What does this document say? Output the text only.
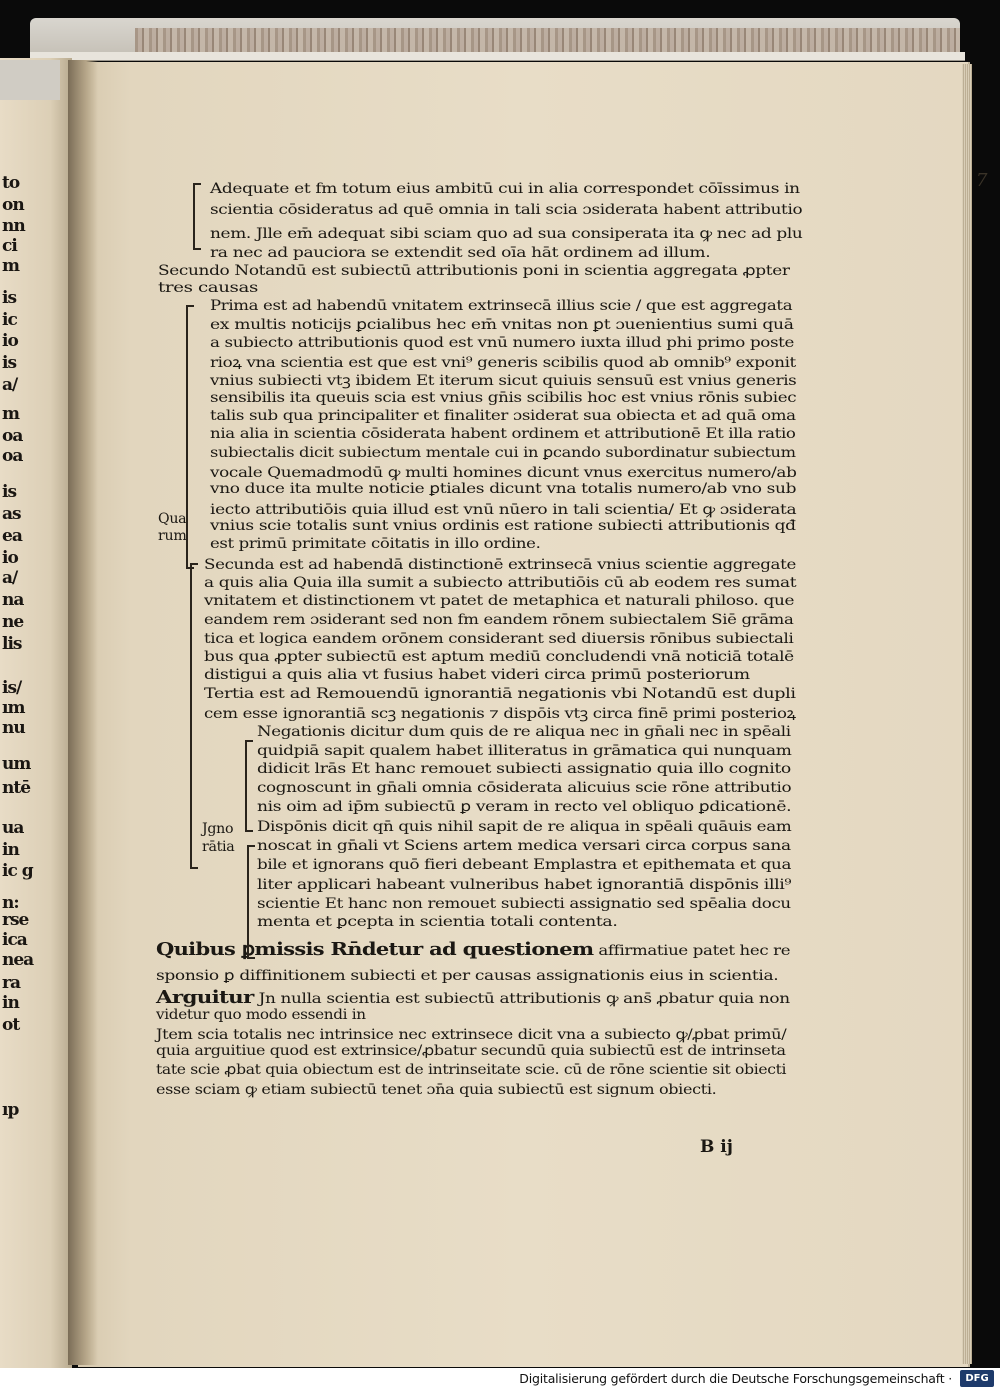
to
on
nn
ci
m
is
ic
io
is
a/
m
oa
oa
is
as
ea
io
a/
na
ne
lis
is/
ım
nu
um
ntē
ua
in
ic g
n:
rse
ica
nea
ra
in
ot
ıp
7
Adequate et fm totum eius ambitū cui in alia correspondet cōīssimus in
scientia cōsideratus ad quē omnia in tali scia ɔsiderata habent attributio
nem. Jlle em̄ adequat sibi sciam quo ad sua consiperata ita ꝙ nec ad plu
ra nec ad pauciora se extendit sed oīa hāt ordinem ad illum.
Secundo Notandū est subiectū attributionis poni in scientia aggregata ꝓpter
tres causas
Prima est ad habendū vnitatem extrinsecā illius scie / que est aggregata
ex multis noticijs ꝑcialibus hec em̄ vnitas non ꝑt ɔuenientius sumi quā
a subiecto attributionis quod est vnū numero iuxta illud phi primo poste
rioꝝ vna scientia est que est vni⁹ generis scibilis quod ab omnib⁹ exponit
vnius subiecti vtꝫ ibidem Et iterum sicut quiuis sensuū est vnius generis
sensibilis ita queuis scia est vnius gn̄is scibilis hoc est vnius rōnis subiec
talis sub qua principaliter et finaliter ɔsiderat sua obiecta et ad quā oma
nia alia in scientia cōsiderata habent ordinem et attributionē Et illa ratio
subiectalis dicit subiectum mentale cui in ꝑcando subordinatur subiectum
vocale Quemadmodū ꝙ multi homines dicunt vnus exercitus numero/ab
vno duce ita multe noticie ꝑtiales dicunt vna totalis numero/ab vno sub
iecto attributiōis quia illud est vnū nūero in tali scientia/ Et ꝙ ɔsiderata
vnius scie totalis sunt vnius ordinis est ratione subiecti attributionis qđ
est primū primitate cōitatis in illo ordine.
Secunda est ad habendā distinctionē extrinsecā vnius scientie aggregate
a quis alia Quia illa sumit a subiecto attributiōis cū ab eodem res sumat
vnitatem et distinctionem vt patet de metaphica et naturali philoso. que
eandem rem ɔsiderant sed non fm eandem rōnem subiectalem Siē grāma
tica et logica eandem orōnem considerant sed diuersis rōnibus subiectali
bus qua ꝓpter subiectū est aptum mediū concludendi vnā noticiā totalē
distigui a quis alia vt fusius habet videri circa primū posteriorum
Tertia est ad Remouendū ignorantiā negationis vbi Notandū est dupli
cem esse ignorantiā scꝫ negationis ⁊ dispōis vtꝫ circa finē primi posterioꝝ
Negationis dicitur dum quis de re aliqua nec in gn̄ali nec in spēali
quidpiā sapit qualem habet illiteratus in grāmatica qui nunquam
didicit lrās Et hanc remouet subiecti assignatio quia illo cognito
cognoscunt in gn̄ali omnia cōsiderata alicuius scie rōne attributio
nis oim ad ip̄m subiectū ꝑ veram in recto vel obliquo ꝑdicationē.
Dispōnis dicit qn̄ quis nihil sapit de re aliqua in spēali quāuis eam
noscat in gn̄ali vt Sciens artem medica versari circa corpus sana
bile et ignorans quō fieri debeant Emplastra et epithemata et qua
liter applicari habeant vulneribus habet ignorantiā dispōnis illi⁹
scientie Et hanc non remouet subiecti assignatio sed spēalia docu
menta et ꝑcepta in scientia totali contenta.
Quibus ꝑmissis Rn̄detur ad questionem affirmatiue patet hec re
sponsio ꝑ diffinitionem subiecti et per causas assignationis eius in scientia.
Arguitur Jn nulla scientia est subiectū attributionis ꝙ ans̄ ꝓbatur quia non
videtur quo modo essendi in
Jtem scia totalis nec intrinsice nec extrinsece dicit vna a subiecto ꝙ/ꝓbat primū/
quia arguitiue quod est extrinsice/ꝓbatur secundū quia subiectū est de intrinseta
tate scie ꝓbat quia obiectum est de intrinseitate scie. cū de rōne scientie sit obiecti
esse sciam ꝙ etiam subiectū tenet ɔn̄a quia subiectū est signum obiecti.
Qua
rum
Jgno
rātia
B ij
Digitalisierung gefördert durch die Deutsche Forschungsgemeinschaft ·	DFG
